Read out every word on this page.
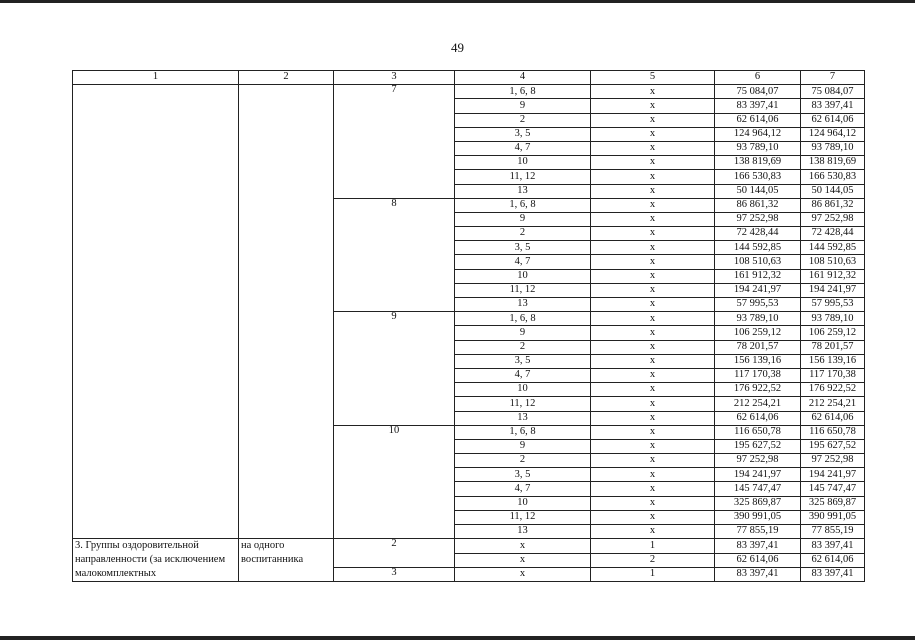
49
1	2	3	4	5	6	7
		7	1, 6, 8	x	75 084,07	75 084,07
			9	x	83 397,41	83 397,41
			2	x	62 614,06	62 614,06
			3, 5	x	124 964,12	124 964,12
			4, 7	x	93 789,10	93 789,10
			10	x	138 819,69	138 819,69
			11, 12	x	166 530,83	166 530,83
			13	x	50 144,05	50 144,05
		8	1, 6, 8	x	86 861,32	86 861,32
			9	x	97 252,98	97 252,98
			2	x	72 428,44	72 428,44
			3, 5	x	144 592,85	144 592,85
			4, 7	x	108 510,63	108 510,63
			10	x	161 912,32	161 912,32
			11, 12	x	194 241,97	194 241,97
			13	x	57 995,53	57 995,53
		9	1, 6, 8	x	93 789,10	93 789,10
			9	x	106 259,12	106 259,12
			2	x	78 201,57	78 201,57
			3, 5	x	156 139,16	156 139,16
			4, 7	x	117 170,38	117 170,38
			10	x	176 922,52	176 922,52
			11, 12	x	212 254,21	212 254,21
			13	x	62 614,06	62 614,06
		10	1, 6, 8	x	116 650,78	116 650,78
			9	x	195 627,52	195 627,52
			2	x	97 252,98	97 252,98
			3, 5	x	194 241,97	194 241,97
			4, 7	x	145 747,47	145 747,47
			10	x	325 869,87	325 869,87
			11, 12	x	390 991,05	390 991,05
			13	x	77 855,19	77 855,19
3. Группы оздоровительной направленности (за исключением малокомплектных	на одного воспитанника	2	x	1	83 397,41	83 397,41
			x	2	62 614,06	62 614,06
		3	x	1	83 397,41	83 397,41
